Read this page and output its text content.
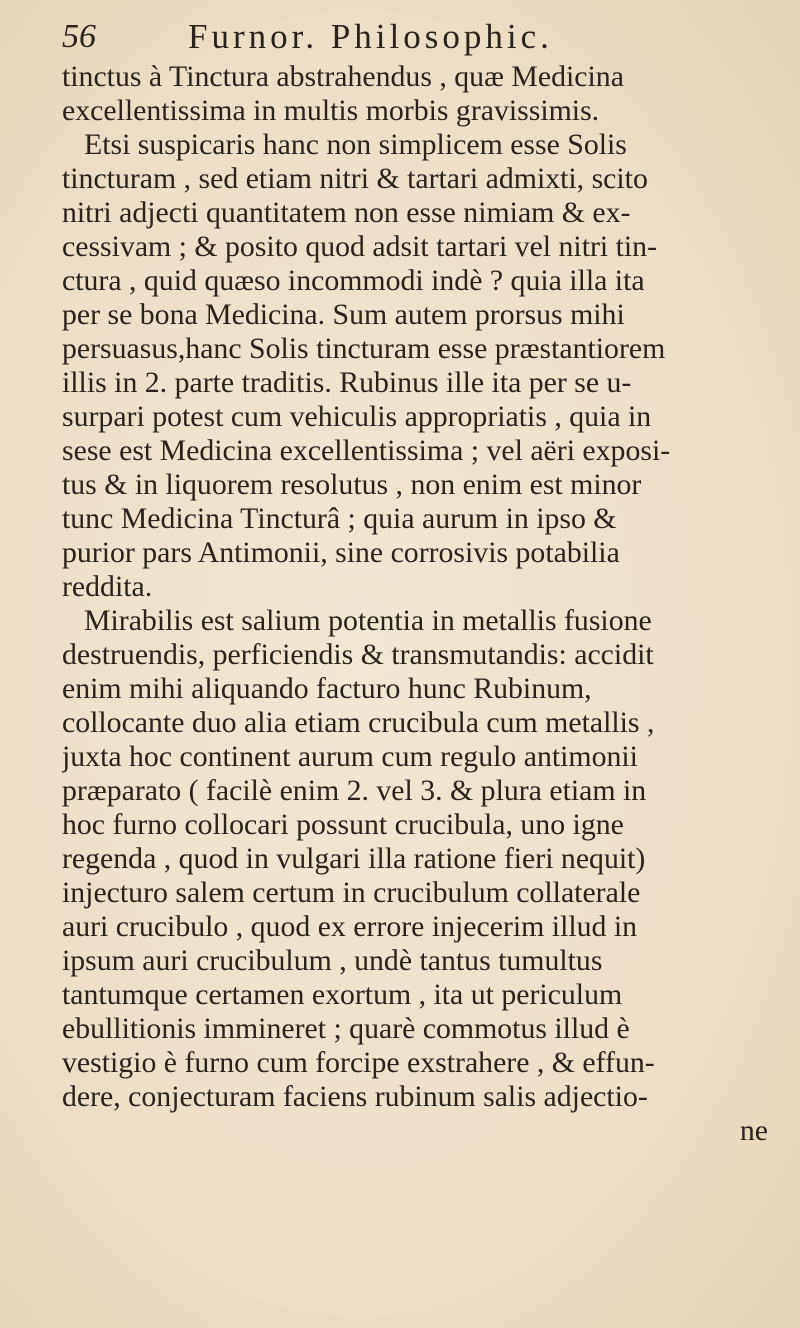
56	Furnor. Philosophic.
tinctus à Tinctura abstrahendus , quæ Medicina
excellentissima in multis morbis gravissimis.
Etsi suspicaris hanc non simplicem esse Solis
tincturam , sed etiam nitri & tartari admixti, scito
nitri adjecti quantitatem non esse nimiam & ex-
cessivam ; & posito quod adsit tartari vel nitri tin-
ctura , quid quæso incommodi indè ? quia illa ita
per se bona Medicina. Sum autem prorsus mihi
persuasus,hanc Solis tincturam esse præstantiorem
illis in 2. parte traditis. Rubinus ille ita per se u-
surpari potest cum vehiculis appropriatis , quia in
sese est Medicina excellentissima ; vel aëri exposi-
tus & in liquorem resolutus , non enim est minor
tunc Medicina Tincturâ ; quia aurum in ipso &
purior pars Antimonii, sine corrosivis potabilia
reddita.
Mirabilis est salium potentia in metallis fusione
destruendis, perficiendis & transmutandis: accidit
enim mihi aliquando facturo hunc Rubinum,
collocante duo alia etiam crucibula cum metallis ,
juxta hoc continent aurum cum regulo antimonii
præparato ( facilè enim 2. vel 3. & plura etiam in
hoc furno collocari possunt crucibula, uno igne
regenda , quod in vulgari illa ratione fieri nequit)
injecturo salem certum in crucibulum collaterale
auri crucibulo , quod ex errore injecerim illud in
ipsum auri crucibulum , undè tantus tumultus
tantumque certamen exortum , ita ut periculum
ebullitionis immineret ; quarè commotus illud è
vestigio è furno cum forcipe exstrahere , & effun-
dere, conjecturam faciens rubinum salis adjectio-
ne
